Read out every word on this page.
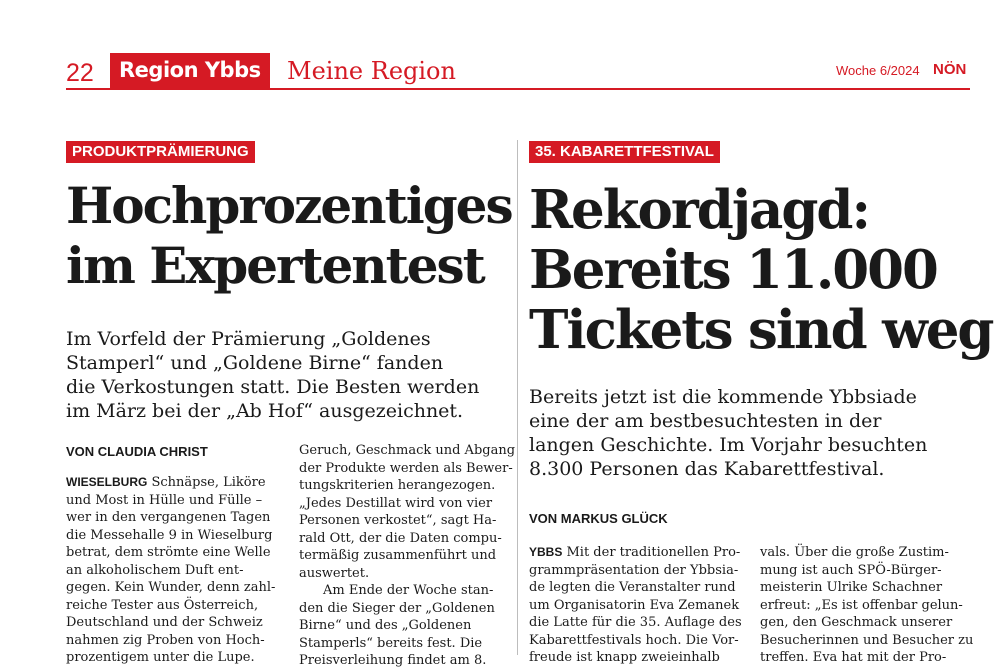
22	Region Ybbs	Meine Region	Woche 6/2024 NÖN
PRODUKTPRÄMIERUNG
Hochprozentiges
im Expertentest
Im Vorfeld der Prämierung „Goldenes
Stamperl“ und „Goldene Birne“ fanden
die Verkostungen statt. Die Besten werden
im März bei der „Ab Hof“ ausgezeichnet.
VON CLAUDIA CHRIST
WIESELBURG Schnäpse, Liköre
und Most in Hülle und Fülle –
wer in den vergangenen Tagen
die Messehalle 9 in Wieselburg
betrat, dem strömte eine Welle
an alkoholischem Duft ent-
gegen. Kein Wunder, denn zahl-
reiche Tester aus Österreich,
Deutschland und der Schweiz
nahmen zig Proben von Hoch-
prozentigem unter die Lupe.
Geruch, Geschmack und Abgang
der Produkte werden als Bewer-
tungskriterien herangezogen.
„Jedes Destillat wird von vier
Personen verkostet“, sagt Ha-
rald Ott, der die Daten compu-
termäßig zusammenführt und
auswertet.
Am Ende der Woche stan-
den die Sieger der „Goldenen
Birne“ und des „Goldenen
Stamperls“ bereits fest. Die
Preisverleihung findet am 8.
35. KABARETTFESTIVAL
Rekordjagd:
Bereits 11.000
Tickets sind weg
Bereits jetzt ist die kommende Ybbsiade
eine der am bestbesuchtesten in der
langen Geschichte. Im Vorjahr besuchten
8.300 Personen das Kabarettfestival.
VON MARKUS GLÜCK
YBBS Mit der traditionellen Pro-
grammpräsentation der Ybbsia-
de legten die Veranstalter rund
um Organisatorin Eva Zemanek
die Latte für die 35. Auflage des
Kabarettfestivals hoch. Die Vor-
freude ist knapp zweieinhalb
vals. Über die große Zustim-
mung ist auch SPÖ-Bürger-
meisterin Ulrike Schachner
erfreut: „Es ist offenbar gelun-
gen, den Geschmack unserer
Besucherinnen und Besucher zu
treffen. Eva hat mit der Pro-
